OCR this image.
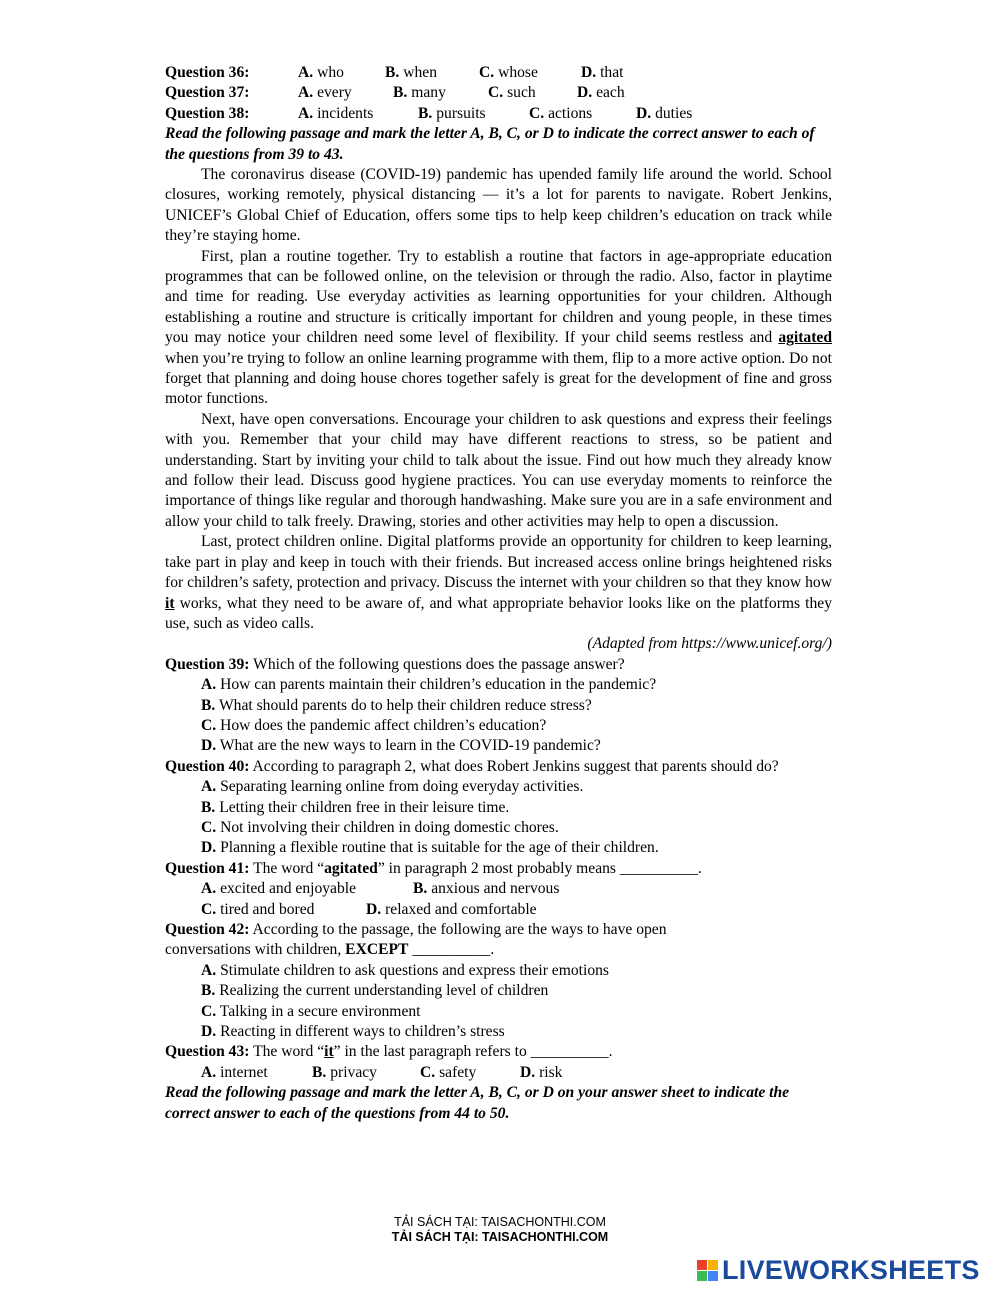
Question 36:	A. who	B. when	C. whose	D. that
Question 37:	A. every	B. many	C. such	D. each
Question 38:	A. incidents	B. pursuits	C. actions	D. duties

Read the following passage and mark the letter A, B, C, or D to indicate the correct answer to each of the questions from 39 to 43.

The coronavirus disease (COVID-19) pandemic has upended family life around the world. School closures, working remotely, physical distancing — it’s a lot for parents to navigate. Robert Jenkins, UNICEF’s Global Chief of Education, offers some tips to help keep children’s education on track while they’re staying home.

First, plan a routine together. Try to establish a routine that factors in age-appropriate education programmes that can be followed online, on the television or through the radio. Also, factor in playtime and time for reading. Use everyday activities as learning opportunities for your children. Although establishing a routine and structure is critically important for children and young people, in these times you may notice your children need some level of flexibility. If your child seems restless and agitated when you’re trying to follow an online learning programme with them, flip to a more active option. Do not forget that planning and doing house chores together safely is great for the development of fine and gross motor functions.

Next, have open conversations. Encourage your children to ask questions and express their feelings with you. Remember that your child may have different reactions to stress, so be patient and understanding. Start by inviting your child to talk about the issue. Find out how much they already know and follow their lead. Discuss good hygiene practices. You can use everyday moments to reinforce the importance of things like regular and thorough handwashing. Make sure you are in a safe environment and allow your child to talk freely. Drawing, stories and other activities may help to open a discussion.

Last, protect children online. Digital platforms provide an opportunity for children to keep learning, take part in play and keep in touch with their friends. But increased access online brings heightened risks for children’s safety, protection and privacy. Discuss the internet with your children so that they know how it works, what they need to be aware of, and what appropriate behavior looks like on the platforms they use, such as video calls.

(Adapted from https://www.unicef.org/)

Question 39: Which of the following questions does the passage answer?

A. How can parents maintain their children’s education in the pandemic?

B. What should parents do to help their children reduce stress?

C. How does the pandemic affect children’s education?

D. What are the new ways to learn in the COVID-19 pandemic?

Question 40: According to paragraph 2, what does Robert Jenkins suggest that parents should do?

A. Separating learning online from doing everyday activities.

B. Letting their children free in their leisure time.

C. Not involving their children in doing domestic chores.

D. Planning a flexible routine that is suitable for the age of their children.

Question 41: The word “agitated” in paragraph 2 most probably means __________.
A. excited and enjoyable	B. anxious and nervous
C. tired and bored	D. relaxed and comfortable
Question 42: According to the passage, the following are the ways to have open
conversations with children, EXCEPT __________.

A. Stimulate children to ask questions and express their emotions

B. Realizing the current understanding level of children

C. Talking in a secure environment

D. Reacting in different ways to children’s stress

Question 43: The word “it” in the last paragraph refers to __________.
A. internet	B. privacy	C. safety	D. risk

Read the following passage and mark the letter A, B, C, or D on your answer sheet to indicate the correct answer to each of the questions from 44 to 50.

TẢI SÁCH TẠI: TAISACHONTHI.COM
TẢI SÁCH TẠI: TAISACHONTHI.COM
LIVEWORKSHEETS
